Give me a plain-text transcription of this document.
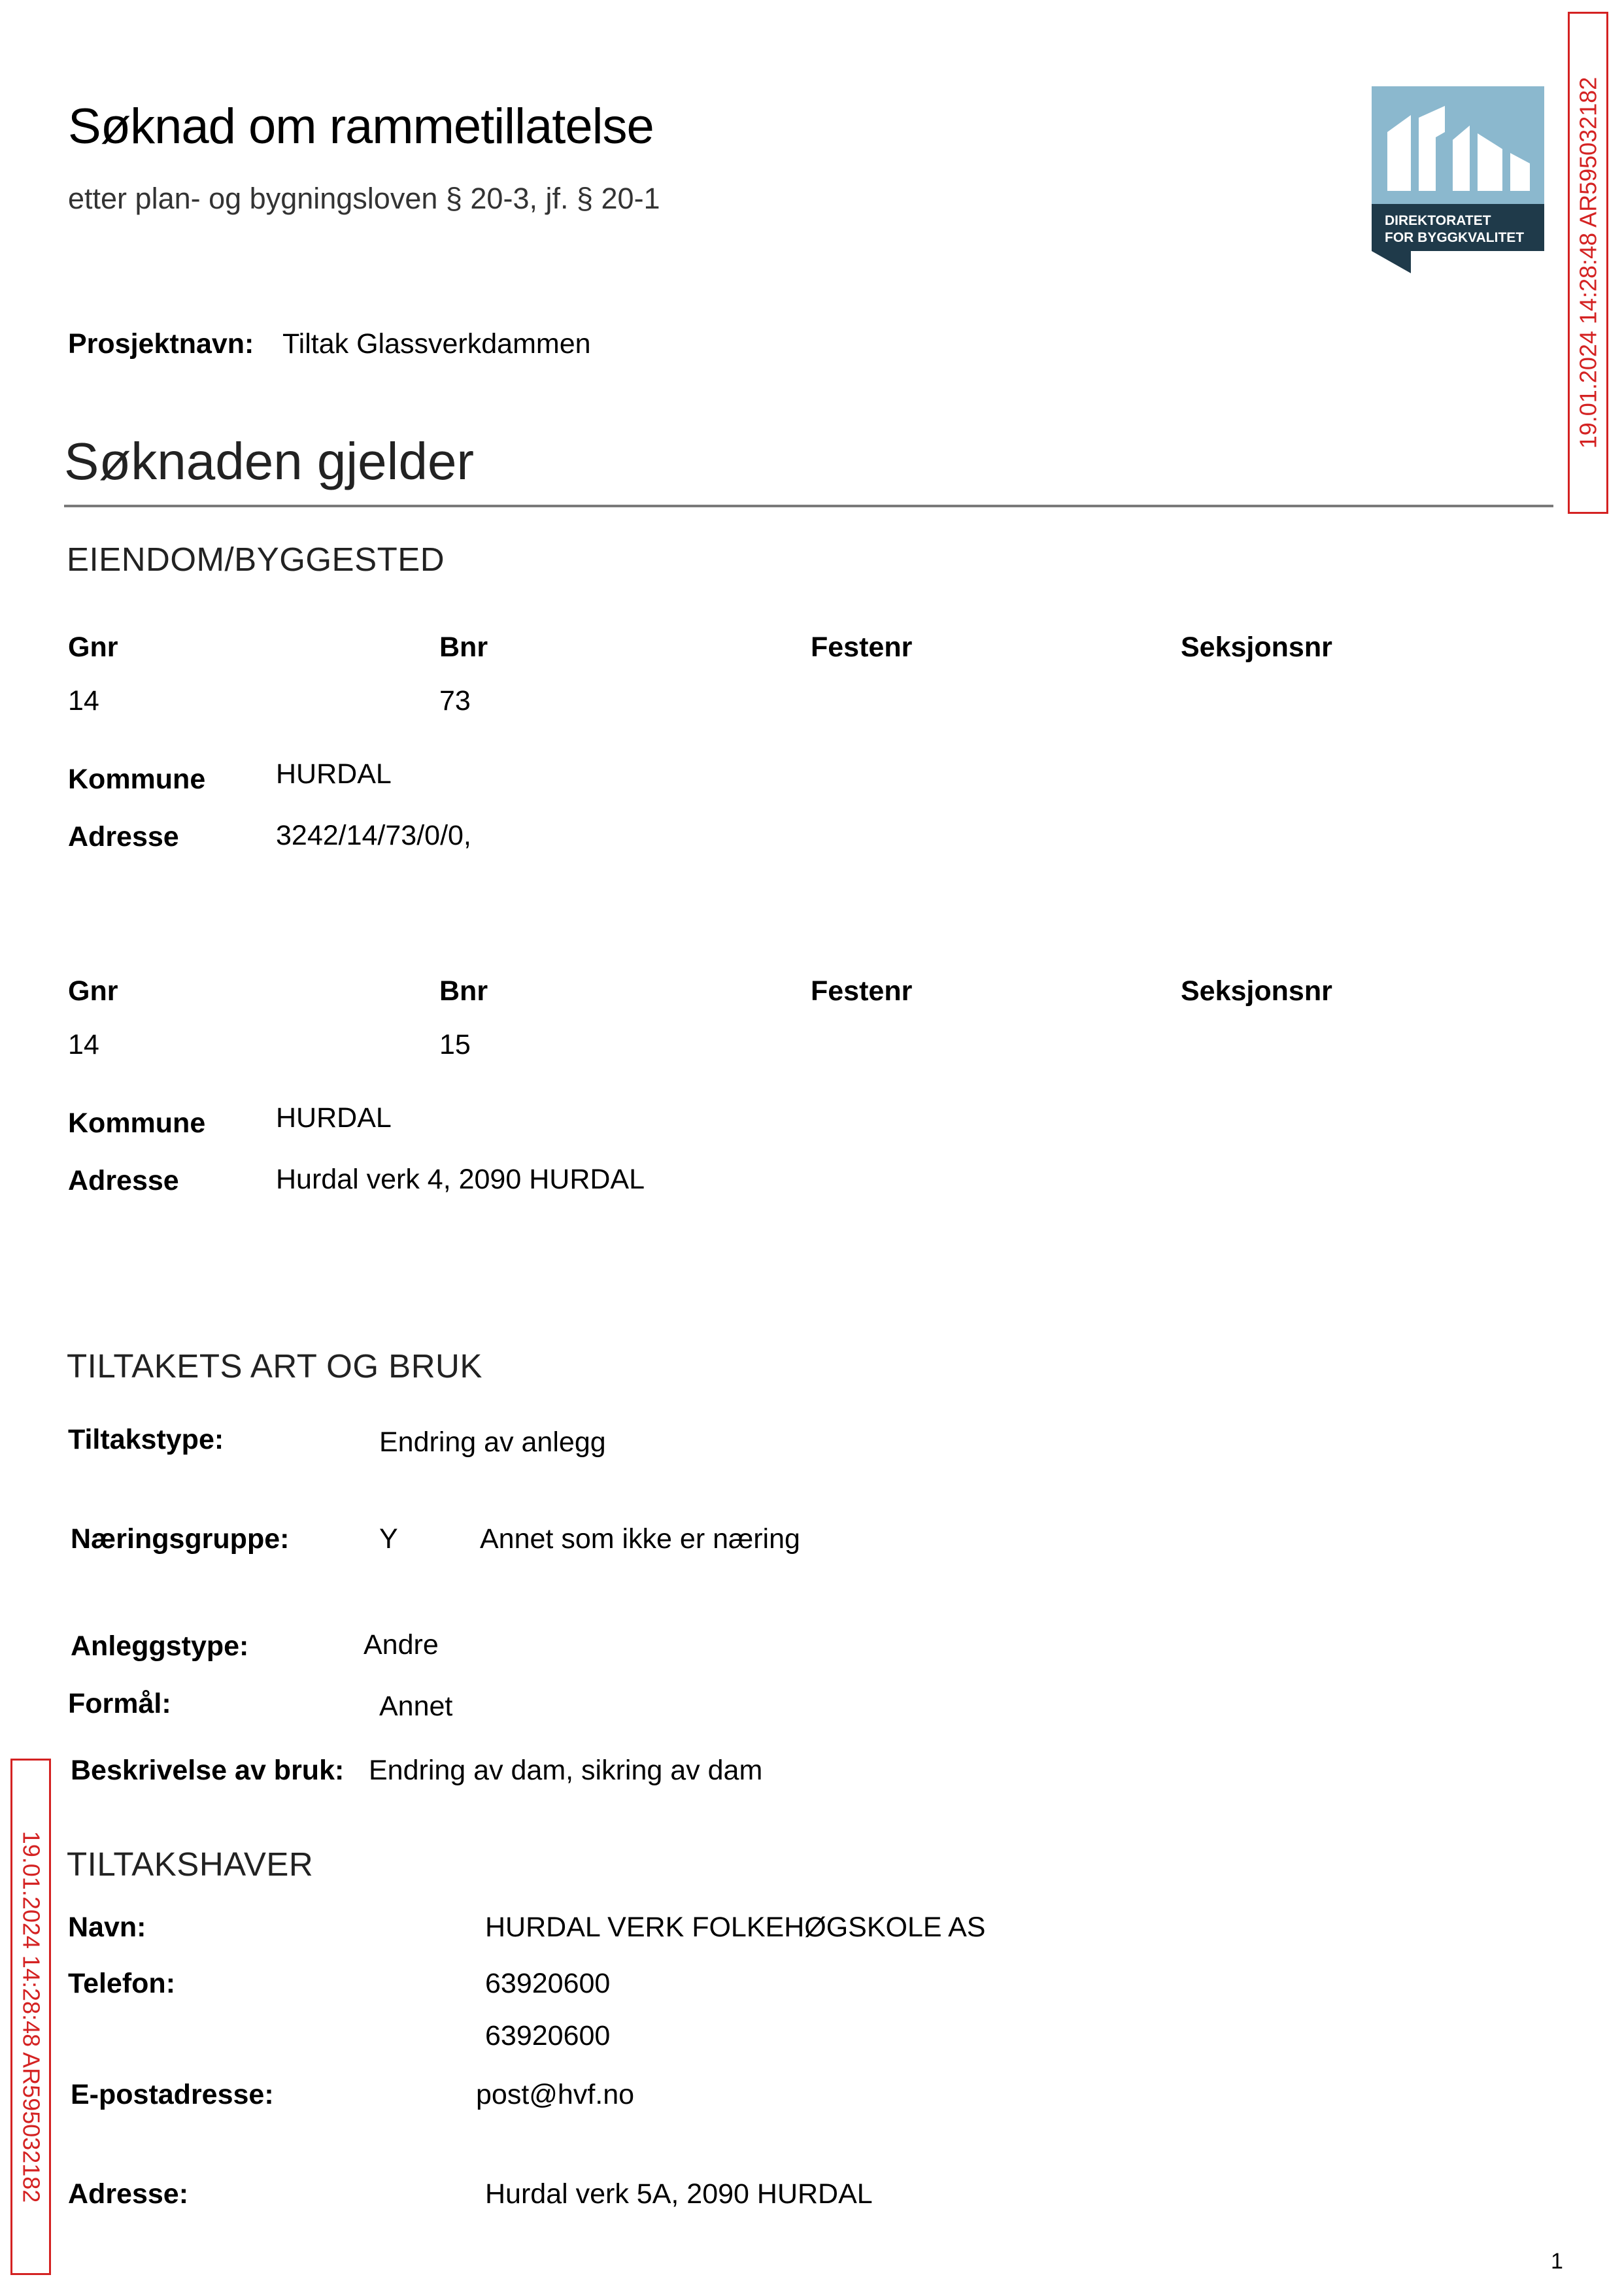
Søknad om rammetillatelse
etter plan- og bygningsloven § 20-3, jf. § 20-1
Prosjektnavn: Tiltak Glassverkdammen
DIREKTORATET
FOR BYGGKVALITET 19.01.2024 14:28:48 AR595032182
19.01.2024 14:28:48 AR595032182
Søknaden gjelder
EIENDOM/BYGGESTED
Gnr	Bnr	Festenr	Seksjonsnr
14	73
Kommune	HURDAL
Adresse	3242/14/73/0/0,
Gnr	Bnr	Festenr	Seksjonsnr
14	15
Kommune	HURDAL
Adresse	Hurdal verk 4, 2090 HURDAL
TILTAKETS ART OG BRUK
Tiltakstype:	Endring av anlegg
Næringsgruppe:	Y	Annet som ikke er næring
Anleggstype:	Andre
Formål:	Annet
Beskrivelse av bruk: Endring av dam, sikring av dam
TILTAKSHAVER
Navn:	HURDAL VERK FOLKEHØGSKOLE AS
Telefon:	63920600
63920600
E-postadresse:	post@hvf.no
Adresse:	Hurdal verk 5A, 2090 HURDAL
1
